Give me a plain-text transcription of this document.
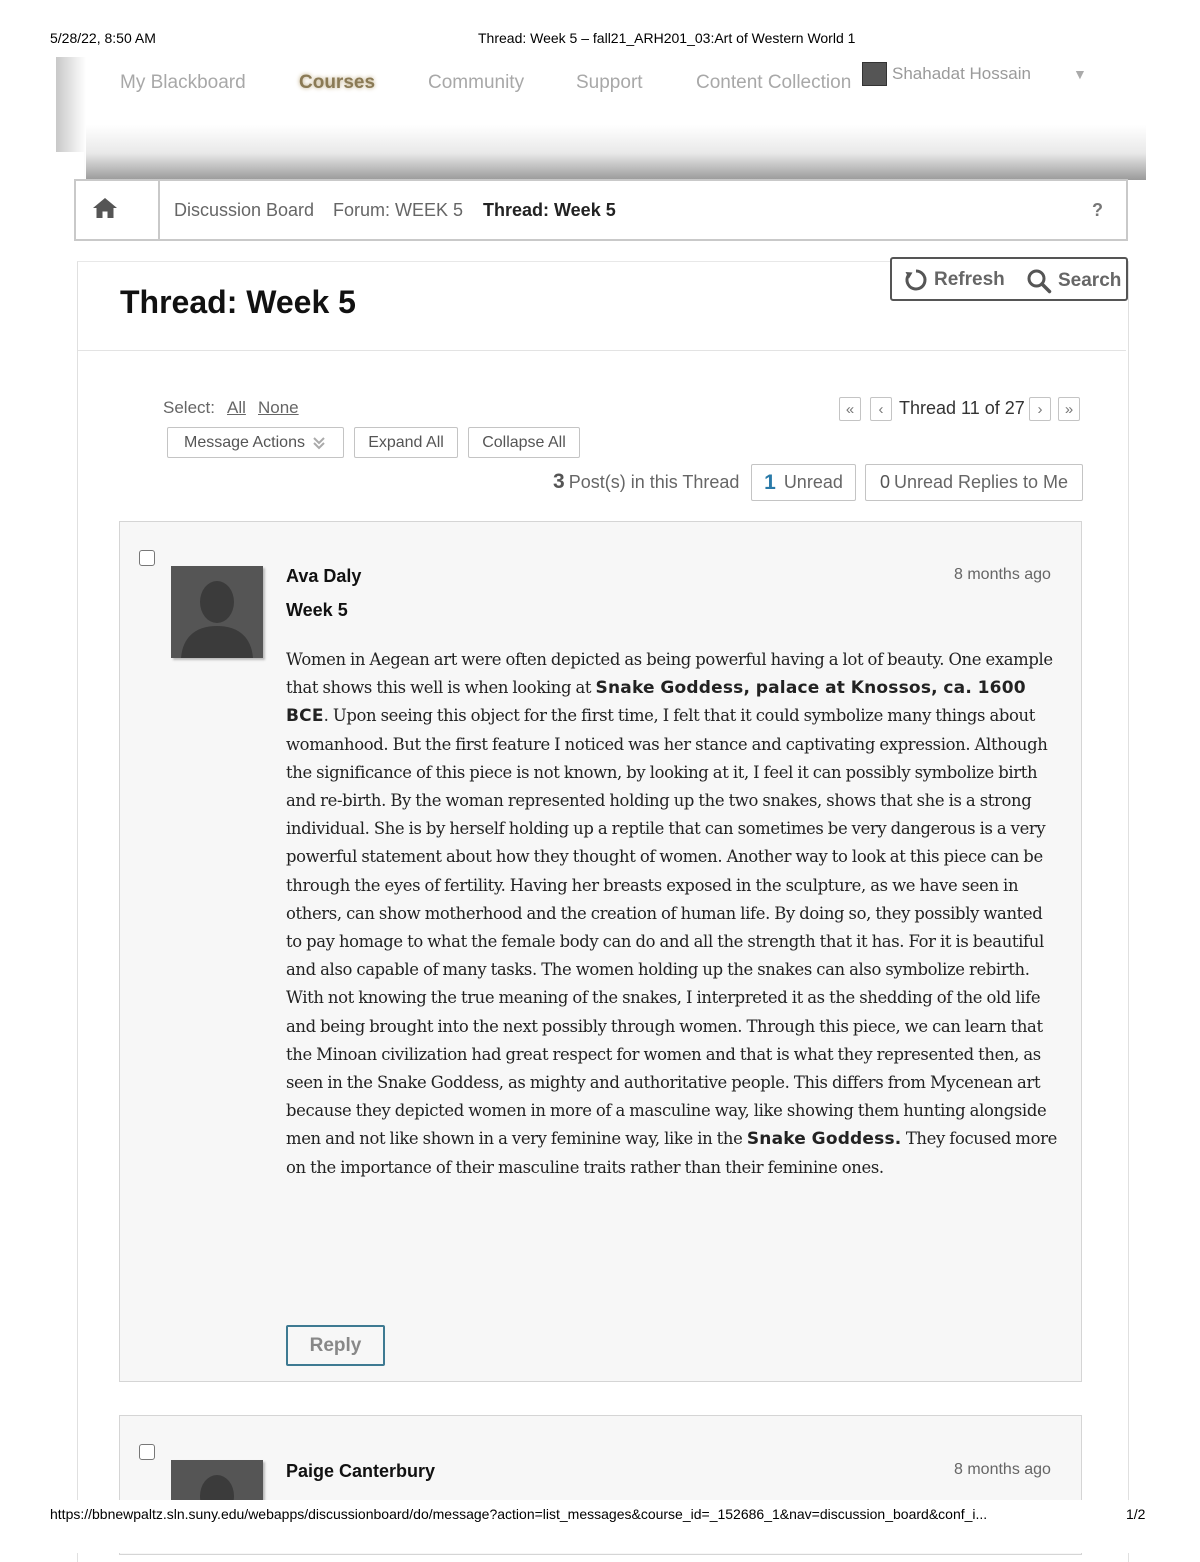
5/28/22, 8:50 AM	Thread: Week 5 – fall21_ARH201_03:Art of Western World 1
My Blackboard	Courses	Community	Support	Content Collection Shahadat Hossain	▼
Discussion Board Forum: WEEK 5 Thread: Week 5	?
Thread: Week 5
Refresh	Search
Select: All None
Message Actions	Expand All	Collapse All
«	‹ Thread 11 of 27 ›	»
3 Post(s) in this Thread 1 Unread 0 Unread Replies to Me
Ava Daly	8 months ago
Week 5
Women in Aegean art were often depicted as being powerful having a lot of beauty. One example that shows this well is when looking at Snake Goddess, palace at Knossos, ca. 1600 BCE. Upon seeing this object for the first time, I felt that it could symbolize many things about womanhood. But the first feature I noticed was her stance and captivating expression. Although the significance of this piece is not known, by looking at it, I feel it can possibly symbolize birth and re-birth. By the woman represented holding up the two snakes, shows that she is a strong individual. She is by herself holding up a reptile that can sometimes be very dangerous is a very powerful statement about how they thought of women. Another way to look at this piece can be through the eyes of fertility. Having her breasts exposed in the sculpture, as we have seen in others, can show motherhood and the creation of human life. By doing so, they possibly wanted to pay homage to what the female body can do and all the strength that it has. For it is beautiful and also capable of many tasks. The women holding up the snakes can also symbolize rebirth. With not knowing the true meaning of the snakes, I interpreted it as the shedding of the old life and being brought into the next possibly through women. Through this piece, we can learn that the Minoan civilization had great respect for women and that is what they represented then, as seen in the Snake Goddess, as mighty and authoritative people. This differs from Mycenean art because they depicted women in more of a masculine way, like showing them hunting alongside men and not like shown in a very feminine way, like in the Snake Goddess. They focused more on the importance of their masculine traits rather than their feminine ones.
Reply
Paige Canterbury	8 months ago
https://bbnewpaltz.sln.suny.edu/webapps/discussionboard/do/message?action=list_messages&course_id=_152686_1&nav=discussion_board&conf_i...	1/2
